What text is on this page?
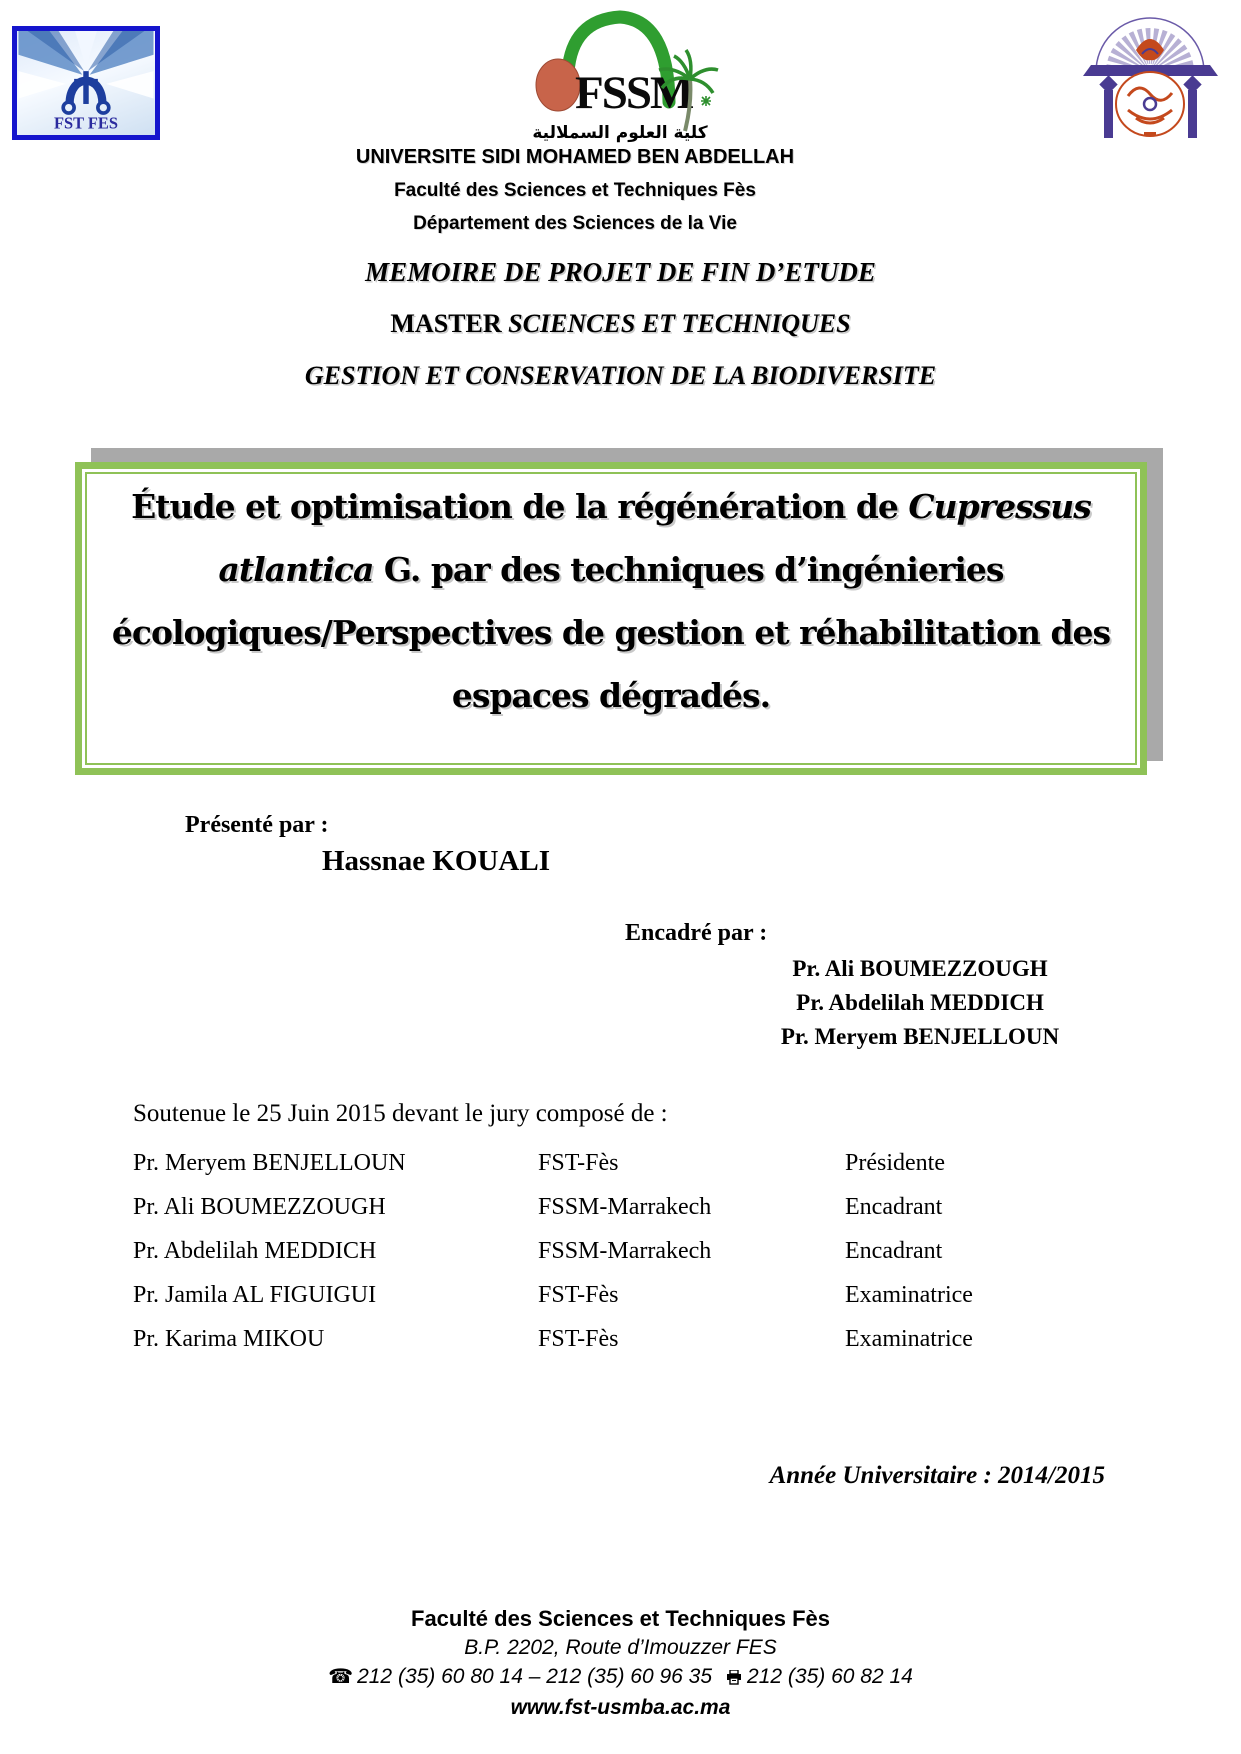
FST FES
FSSM
كلية العلوم السملالية
UNIVERSITE SIDI MOHAMED BEN ABDELLAH
Faculté des Sciences et Techniques Fès
Département des Sciences de la Vie
MEMOIRE DE PROJET DE FIN D’ETUDE
MASTER SCIENCES ET TECHNIQUES
GESTION ET CONSERVATION DE LA BIODIVERSITE
Étude et optimisation de la régénération de Cupressus
atlantica G. par des techniques d’ingénieries
écologiques/Perspectives de gestion et réhabilitation des
espaces dégradés.
Présenté par :
Hassnae KOUALI
Encadré par :
Pr. Ali BOUMEZZOUGH
Pr. Abdelilah MEDDICH
Pr. Meryem BENJELLOUN
Soutenue le 25 Juin 2015 devant le jury composé de :
Pr. Meryem BENJELLOUN	FST-Fès	Présidente
Pr. Ali BOUMEZZOUGH	FSSM-Marrakech	Encadrant
Pr. Abdelilah MEDDICH	FSSM-Marrakech	Encadrant
Pr. Jamila AL FIGUIGUI	FST-Fès	Examinatrice
Pr. Karima MIKOU	FST-Fès	Examinatrice
Année Universitaire : 2014/2015
Faculté des Sciences et Techniques Fès
B.P. 2202, Route d’Imouzzer FES
☎ 212 (35) 60 80 14 – 212 (35) 60 96 35 212 (35) 60 82 14
www.fst-usmba.ac.ma
